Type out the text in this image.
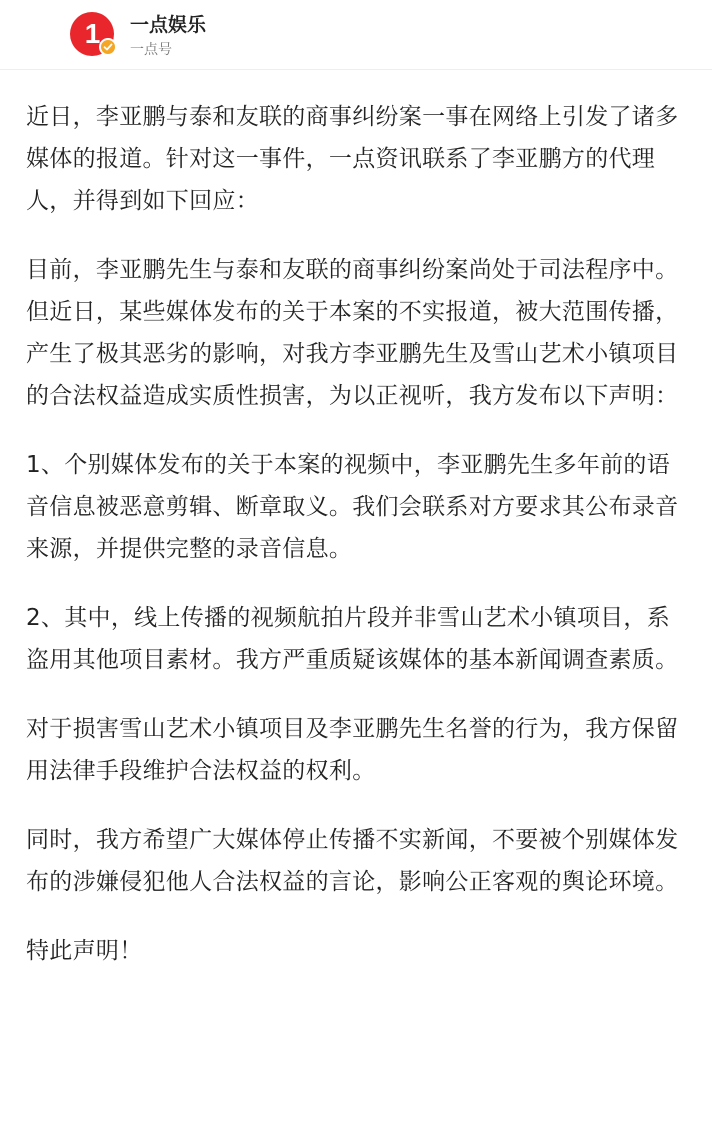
1	一点娱乐
一点号

近日，李亚鹏与泰和友联的商事纠纷案一事在网络上引发了诸多媒体的报道。针对这一事件，一点资讯联系了李亚鹏方的代理人，并得到如下回应：

目前，李亚鹏先生与泰和友联的商事纠纷案尚处于司法程序中。但近日，某些媒体发布的关于本案的不实报道，被大范围传播，产生了极其恶劣的影响，对我方李亚鹏先生及雪山艺术小镇项目的合法权益造成实质性损害，为以正视听，我方发布以下声明：

1、个别媒体发布的关于本案的视频中，李亚鹏先生多年前的语音信息被恶意剪辑、断章取义。我们会联系对方要求其公布录音来源，并提供完整的录音信息。

2、其中，线上传播的视频航拍片段并非雪山艺术小镇项目，系盗用其他项目素材。我方严重质疑该媒体的基本新闻调查素质。

对于损害雪山艺术小镇项目及李亚鹏先生名誉的行为，我方保留用法律手段维护合法权益的权利。

同时，我方希望广大媒体停止传播不实新闻，不要被个别媒体发布的涉嫌侵犯他人合法权益的言论，影响公正客观的舆论环境。

特此声明！
